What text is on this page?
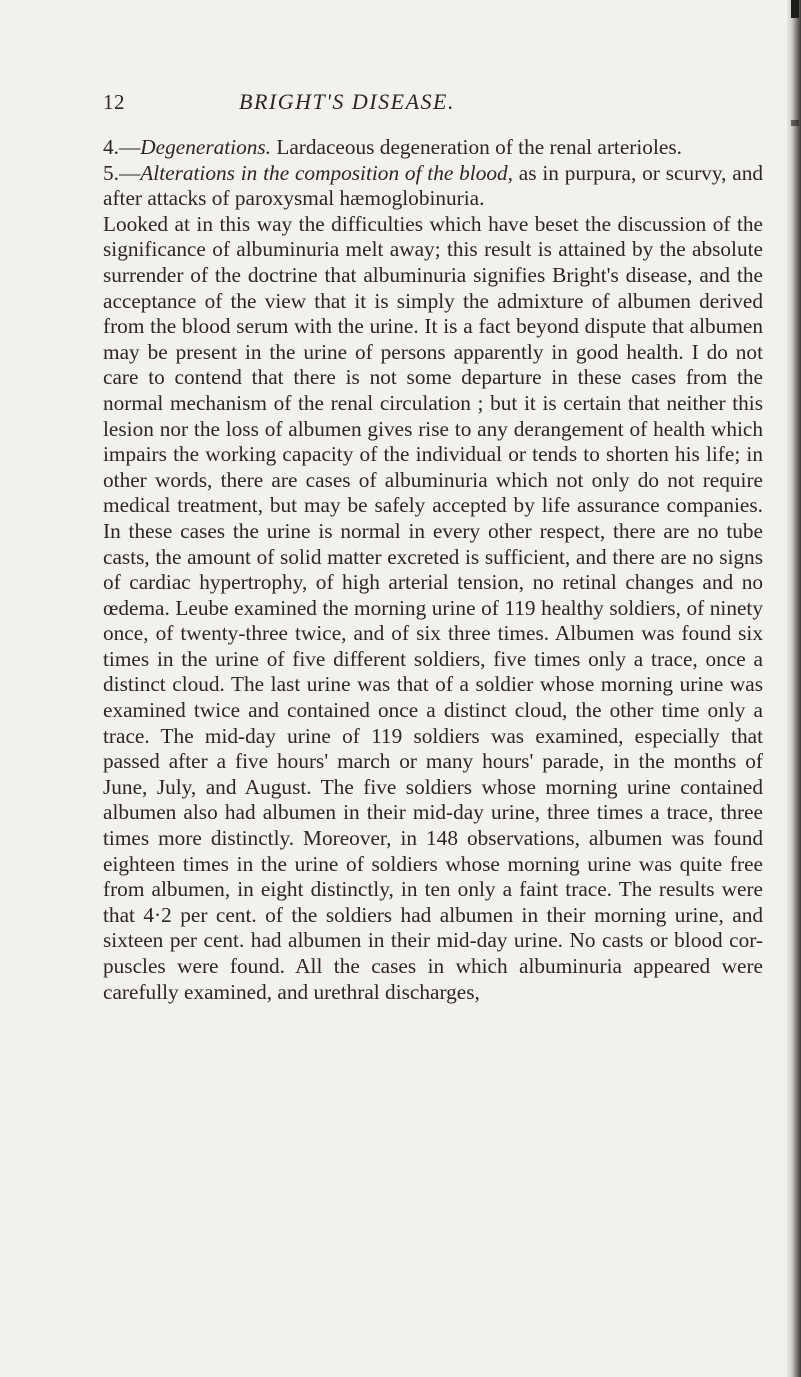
12	BRIGHT'S DISEASE.

4.—Degenerations. Lardaceous degeneration of the renal arterioles.

5.—Alterations in the composition of the blood, as in purpura, or scurvy, and after attacks of paroxysmal hæmoglobinuria.

Looked at in this way the difficulties which have beset the discussion of the significance of albuminuria melt away; this result is attained by the absolute surrender of the doctrine that albuminuria signifies Bright's disease, and the acceptance of the view that it is simply the admixture of albumen derived from the blood serum with the urine. It is a fact beyond dispute that albumen may be present in the urine of persons apparently in good health. I do not care to contend that there is not some departure in these cases from the normal mechanism of the renal circulation ; but it is certain that neither this lesion nor the loss of albumen gives rise to any derangement of health which impairs the working capacity of the individual or tends to shorten his life; in other words, there are cases of albuminuria which not only do not require medical treatment, but may be safely accepted by life assurance companies. In these cases the urine is normal in every other respect, there are no tube casts, the amount of solid matter excreted is sufficient, and there are no signs of cardiac hypertrophy, of high arterial tension, no retinal changes and no œdema. Leube examined the morning urine of 119 healthy soldiers, of ninety once, of twenty-three twice, and of six three times. Albumen was found six times in the urine of five different soldiers, five times only a trace, once a distinct cloud. The last urine was that of a soldier whose morning urine was examined twice and contained once a distinct cloud, the other time only a trace. The mid-day urine of 119 soldiers was examined, especially that passed after a five hours' march or many hours' parade, in the months of June, July, and August. The five soldiers whose morning urine contained albumen also had albumen in their mid-day urine, three times a trace, three times more distinctly. Moreover, in 148 observations, albumen was found eighteen times in the urine of soldiers whose morning urine was quite free from albumen, in eight distinctly, in ten only a faint trace. The results were that 4·2 per cent. of the soldiers had albumen in their morning urine, and sixteen per cent. had albumen in their mid-day urine. No casts or blood cor- puscles were found. All the cases in which albuminuria appeared were carefully examined, and urethral discharges,
